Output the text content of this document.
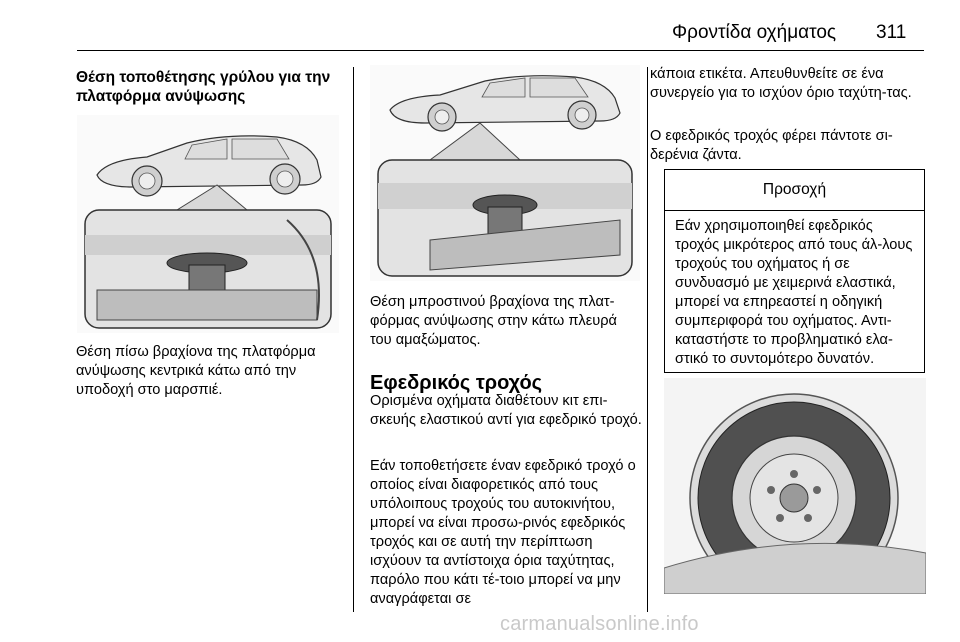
Φροντίδα οχήματος 311
Θέση τοποθέτησης γρύλου για την πλατφόρμα ανύψωσης
Θέση πίσω βραχίονα της πλατφόρμα ανύψωσης κεντρικά κάτω από την υποδοχή στο μαρσπιέ.
Θέση μπροστινού βραχίονα της πλατ-φόρμας ανύψωσης στην κάτω πλευρά του αμαξώματος.
Εφεδρικός τροχός

Ορισμένα οχήματα διαθέτουν κιτ επι-σκευής ελαστικού αντί για εφεδρικό τροχό.

Εάν τοποθετήσετε έναν εφεδρικό τροχό ο οποίος είναι διαφορετικός από τους υπόλοιπους τροχούς του αυτοκινήτου, μπορεί να είναι προσω-ρινός εφεδρικός τροχός και σε αυτή την περίπτωση ισχύουν τα αντίστοιχα όρια ταχύτητας, παρόλο που κάτι τέ-τοιο μπορεί να μην αναγράφεται σε

κάποια ετικέτα. Απευθυνθείτε σε ένα συνεργείο για το ισχύον όριο ταχύτη-τας.

Ο εφεδρικός τροχός φέρει πάντοτε σι-δερένια ζάντα.

Προσοχή
Εάν χρησιμοποιηθεί εφεδρικός τροχός μικρότερος από τους άλ-λους τροχούς του οχήματος ή σε συνδυασμό με χειμερινά ελαστικά, μπορεί να επηρεαστεί η οδηγική συμπεριφορά του οχήματος. Αντι-καταστήστε το προβληματικό ελα-στικό το συντομότερο δυνατόν.
carmanualsonline.info
